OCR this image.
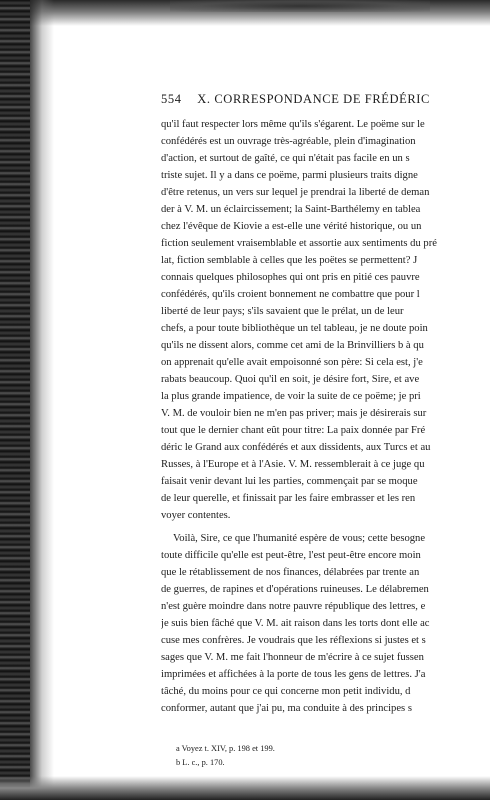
554 X. CORRESPONDANCE DE FRÉDÉRIC
qu'il faut respecter lors même qu'ils s'égarent. Le poëme sur le
confédérés est un ouvrage très-agréable, plein d'imagination
d'action, et surtout de gaîté, ce qui n'était pas facile en un s
triste sujet. Il y a dans ce poëme, parmi plusieurs traits digne
d'être retenus, un vers sur lequel je prendrai la liberté de deman
der à V. M. un éclaircissement; la Saint-Barthélemy en tablea
chez l'évêque de Kiovie a est-elle une vérité historique, ou un
fiction seulement vraisemblable et assortie aux sentiments du pré
lat, fiction semblable à celles que les poëtes se permettent? J
connais quelques philosophes qui ont pris en pitié ces pauvre
confédérés, qu'ils croient bonnement ne combattre que pour l
liberté de leur pays; s'ils savaient que le prélat, un de leur
chefs, a pour toute bibliothèque un tel tableau, je ne doute poin
qu'ils ne dissent alors, comme cet ami de la Brinvilliers b à qu
on apprenait qu'elle avait empoisonné son père: Si cela est, j'e
rabats beaucoup. Quoi qu'il en soit, je désire fort, Sire, et ave
la plus grande impatience, de voir la suite de ce poëme; je pri
V. M. de vouloir bien ne m'en pas priver; mais je désirerais sur
tout que le dernier chant eût pour titre: La paix donnée par Fré
déric le Grand aux confédérés et aux dissidents, aux Turcs et au
Russes, à l'Europe et à l'Asie. V. M. ressemblerait à ce juge qu
faisait venir devant lui les parties, commençait par se moque
de leur querelle, et finissait par les faire embrasser et les ren
voyer contentes.
Voilà, Sire, ce que l'humanité espère de vous; cette besogne
toute difficile qu'elle est peut-être, l'est peut-être encore moin
que le rétablissement de nos finances, délabrées par trente an
de guerres, de rapines et d'opérations ruineuses. Le délabremen
n'est guère moindre dans notre pauvre république des lettres, e
je suis bien fâché que V. M. ait raison dans les torts dont elle ac
cuse mes confrères. Je voudrais que les réflexions si justes et s
sages que V. M. me fait l'honneur de m'écrire à ce sujet fussen
imprimées et affichées à la porte de tous les gens de lettres. J'a
tâché, du moins pour ce qui concerne mon petit individu, d
conformer, autant que j'ai pu, ma conduite à des principes s
a Voyez t. XIV, p. 198 et 199.
b L. c., p. 170.
